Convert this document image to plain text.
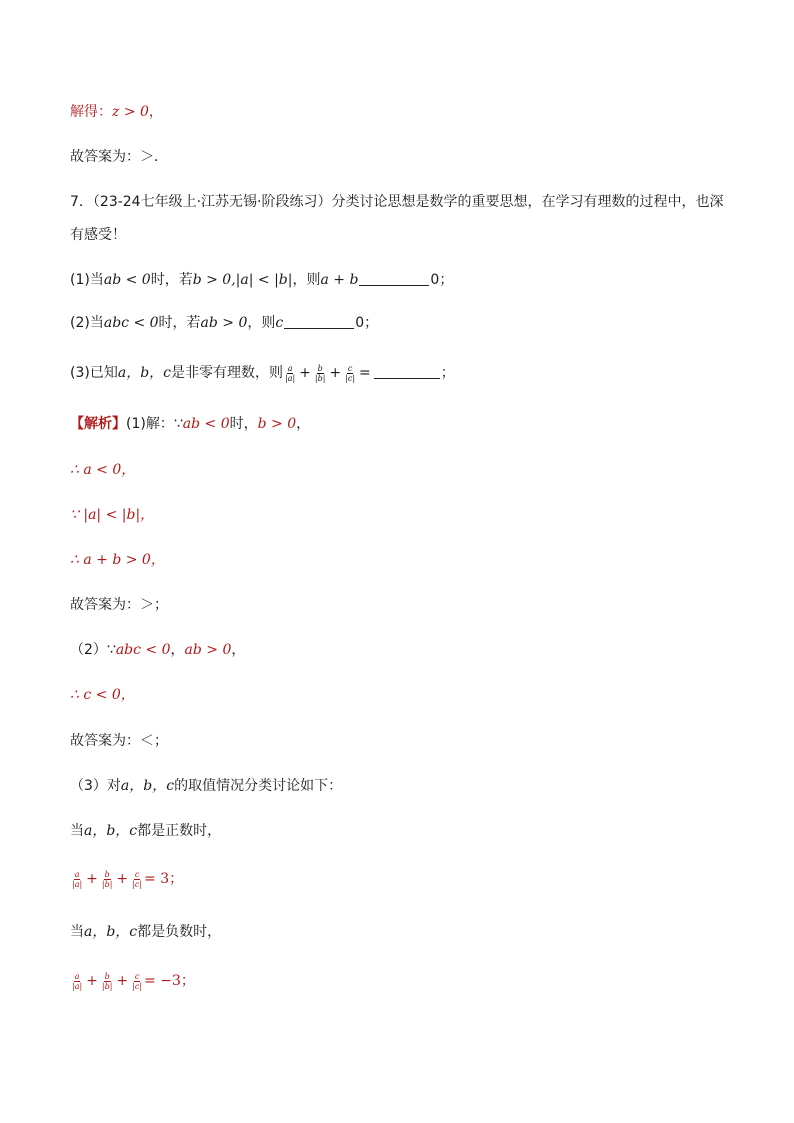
解得：z > 0，
故答案为：＞．
7．（23-24七年级上·江苏无锡·阶段练习）分类讨论思想是数学的重要思想，在学习有理数的过程中，也深
有感受！
(1)当ab < 0时，若b > 0,|a| < |b|，则a + b	0；
(2)当abc < 0时，若ab > 0，则c	0；
(3)已知a，b，c是非零有理数，则 $\frac{a}{|a|} + \frac{b}{|b|} + \frac{c}{|c|}$ =	；
【解析】(1)解：∵ab < 0时，b > 0，
∴ a < 0，
∵ |a| < |b|，
∴ a + b > 0，
故答案为：＞；
（2）∵abc < 0，ab > 0，
∴ c < 0，
故答案为：＜；
（3）对a，b，c的取值情况分类讨论如下：
当a，b，c都是正数时，
$\frac{a}{|a|} + \frac{b}{|b|} + \frac{c}{|c|} = 3$；
当a，b，c都是负数时，
$\frac{a}{|a|} + \frac{b}{|b|} + \frac{c}{|c|} = -3$；
